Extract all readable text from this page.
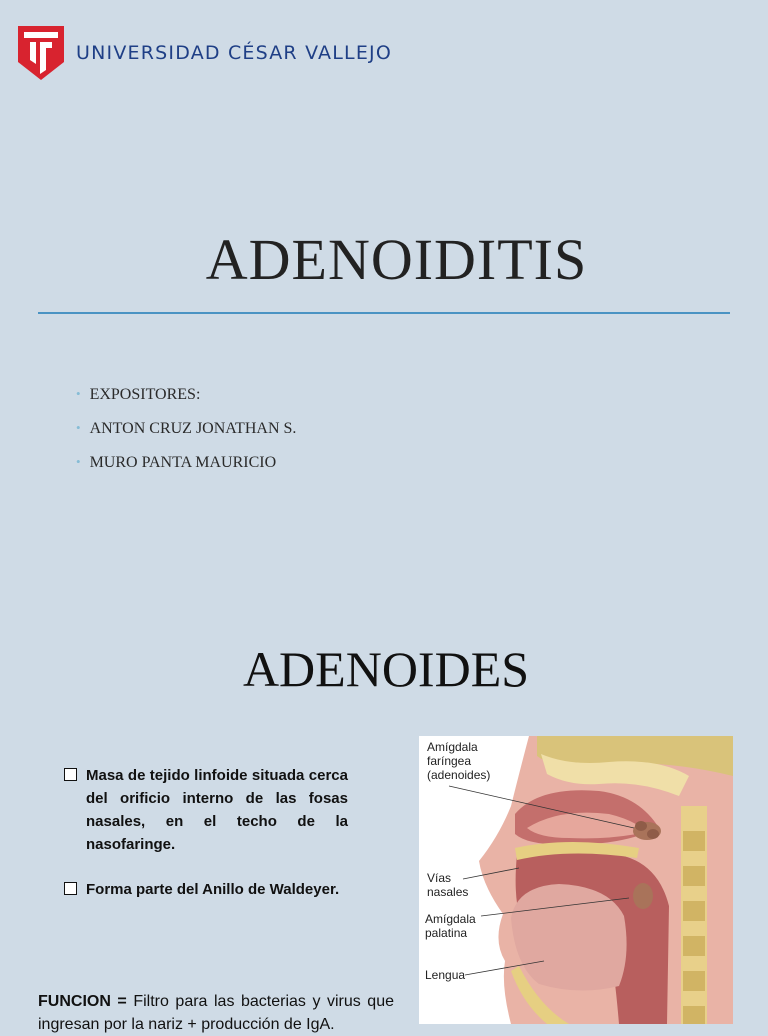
UNIVERSIDAD CÉSAR VALLEJO
ADENOIDITIS
• EXPOSITORES:
• ANTON CRUZ JONATHAN S.
• MURO PANTA MAURICIO
ADENOIDES
Masa de tejido linfoide situada cerca del orificio interno de las fosas nasales, en el techo de la nasofaringe.
Forma parte del Anillo de Waldeyer.
FUNCION = Filtro para las bacterias y virus que ingresan por la nariz + producción de IgA.
Amígdala
faríngea
(adenoides)
Vías
nasales
Amígdala
palatina
Lengua
